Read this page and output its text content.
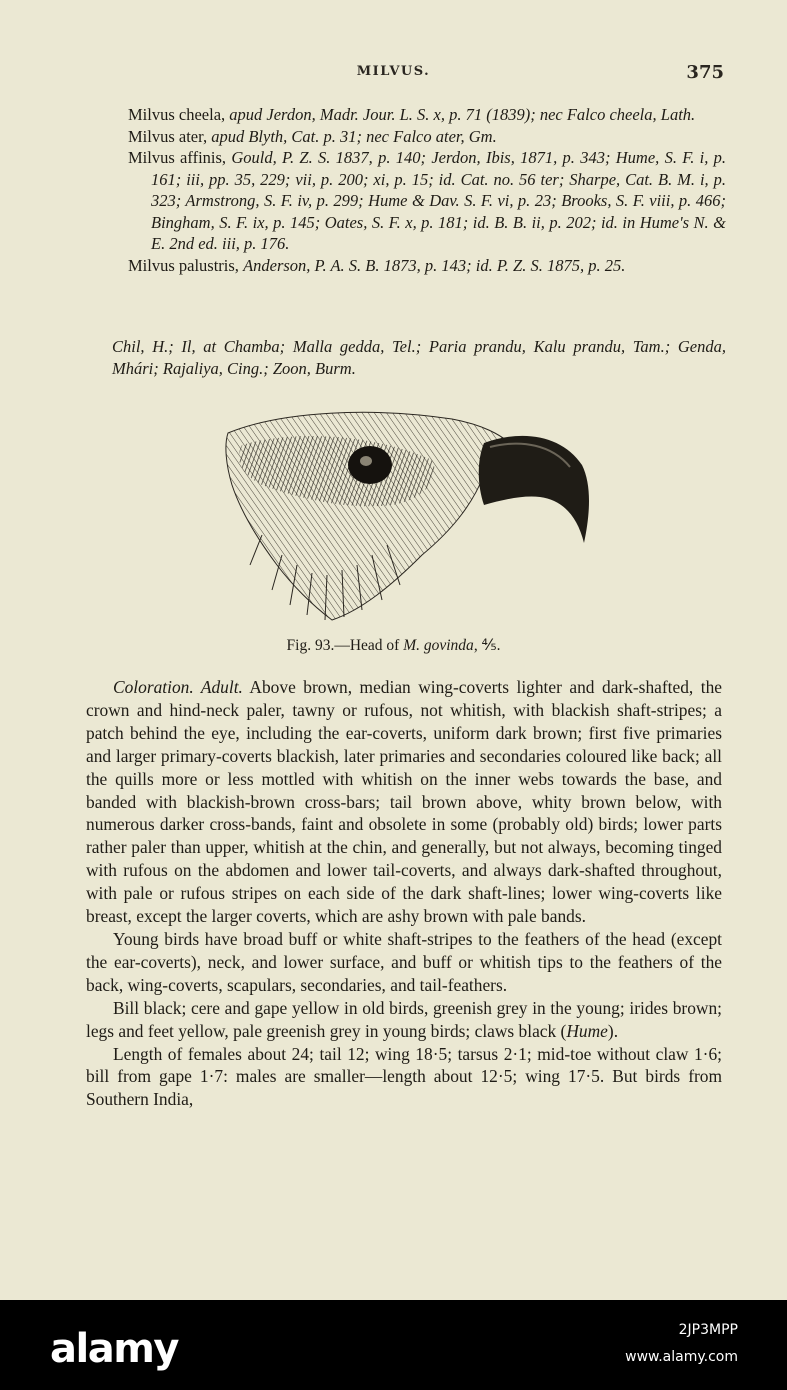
MILVUS.	375
Milvus cheela, apud Jerdon, Madr. Jour. L. S. x, p. 71 (1839); nec Falco cheela, Lath.
Milvus ater, apud Blyth, Cat. p. 31; nec Falco ater, Gm.
Milvus affinis, Gould, P. Z. S. 1837, p. 140; Jerdon, Ibis, 1871, p. 343; Hume, S. F. i, p. 161; iii, pp. 35, 229; vii, p. 200; xi, p. 15; id. Cat. no. 56 ter; Sharpe, Cat. B. M. i, p. 323; Armstrong, S. F. iv, p. 299; Hume & Dav. S. F. vi, p. 23; Brooks, S. F. viii, p. 466; Bingham, S. F. ix, p. 145; Oates, S. F. x, p. 181; id. B. B. ii, p. 202; id. in Hume's N. & E. 2nd ed. iii, p. 176.
Milvus palustris, Anderson, P. A. S. B. 1873, p. 143; id. P. Z. S. 1875, p. 25.
Chil, H.; Il, at Chamba; Malla gedda, Tel.; Paria prandu, Kalu prandu, Tam.; Genda, Mhári; Rajaliya, Cing.; Zoon, Burm.
Fig. 93.—Head of M. govinda, ⅘.

Coloration. Adult. Above brown, median wing-coverts lighter and dark-shafted, the crown and hind-neck paler, tawny or rufous, not whitish, with blackish shaft-stripes; a patch behind the eye, including the ear-coverts, uniform dark brown; first five primaries and larger primary-coverts blackish, later primaries and secondaries coloured like back; all the quills more or less mottled with whitish on the inner webs towards the base, and banded with blackish-brown cross-bars; tail brown above, whity brown below, with numerous darker cross-bands, faint and obsolete in some (probably old) birds; lower parts rather paler than upper, whitish at the chin, and generally, but not always, becoming tinged with rufous on the abdomen and lower tail-coverts, and always dark-shafted throughout, with pale or rufous stripes on each side of the dark shaft-lines; lower wing-coverts like breast, except the larger coverts, which are ashy brown with pale bands.

Young birds have broad buff or white shaft-stripes to the feathers of the head (except the ear-coverts), neck, and lower surface, and buff or whitish tips to the feathers of the back, wing-coverts, scapulars, secondaries, and tail-feathers.

Bill black; cere and gape yellow in old birds, greenish grey in the young; irides brown; legs and feet yellow, pale greenish grey in young birds; claws black (Hume).

Length of females about 24; tail 12; wing 18·5; tarsus 2·1; mid-toe without claw 1·6; bill from gape 1·7: males are smaller—length about 12·5; wing 17·5. But birds from Southern India,

alamy	2JP3MPP
www.alamy.com
